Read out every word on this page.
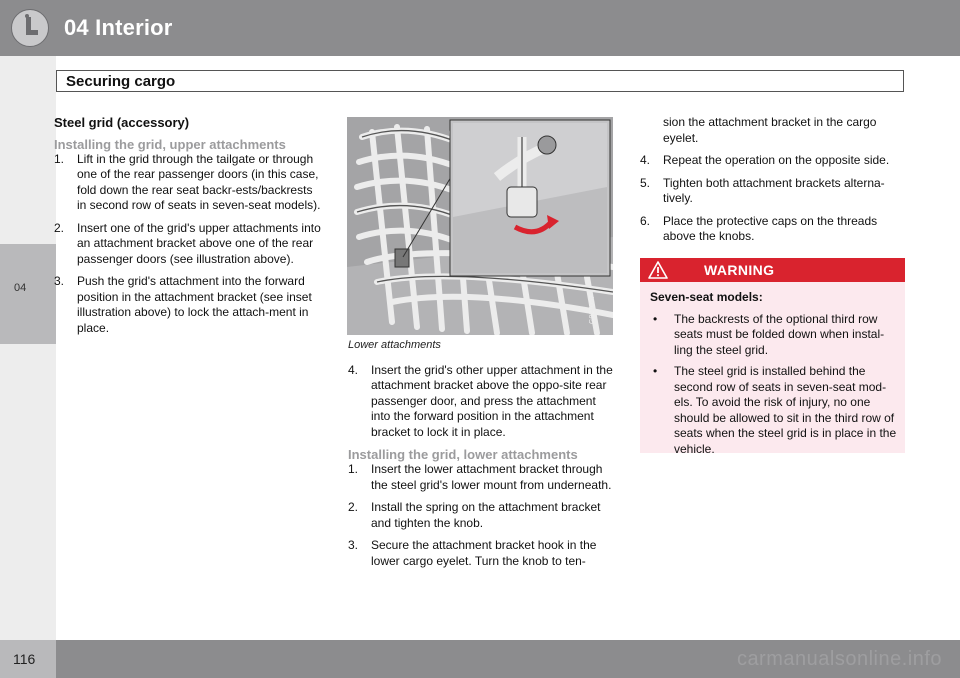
04 Interior
Securing cargo
04
Steel grid (accessory)
Installing the grid, upper attachments
1. Lift in the grid through the tailgate or through one of the rear passenger doors (in this case, fold down the rear seat backr-ests/backrests in second row of seats in seven-seat models).
2. Insert one of the grid's upper attachments into an attachment bracket above one of the rear passenger doors (see illustration above).
3. Push the grid's attachment into the forward position in the attachment bracket (see inset illustration above) to lock the attach-ment in place.
G027057
Lower attachments
4. Insert the grid's other upper attachment in the attachment bracket above the oppo-site rear passenger door, and press the attachment into the forward position in the attachment bracket to lock it in place.
Installing the grid, lower attachments
1. Insert the lower attachment bracket through the steel grid's lower mount from underneath.
2. Install the spring on the attachment bracket and tighten the knob.
3. Secure the attachment bracket hook in the lower cargo eyelet. Turn the knob to ten-
sion the attachment bracket in the cargo eyelet.
4. Repeat the operation on the opposite side.
5. Tighten both attachment brackets alterna-tively.
6. Place the protective caps on the threads above the knobs.
WARNING
Seven-seat models:
• The backrests of the optional third row seats must be folded down when instal-ling the steel grid.
• The steel grid is installed behind the second row of seats in seven-seat mod-els. To avoid the risk of injury, no one should be allowed to sit in the third row of seats when the steel grid is in place in the vehicle.
116	carmanualsonline.info
